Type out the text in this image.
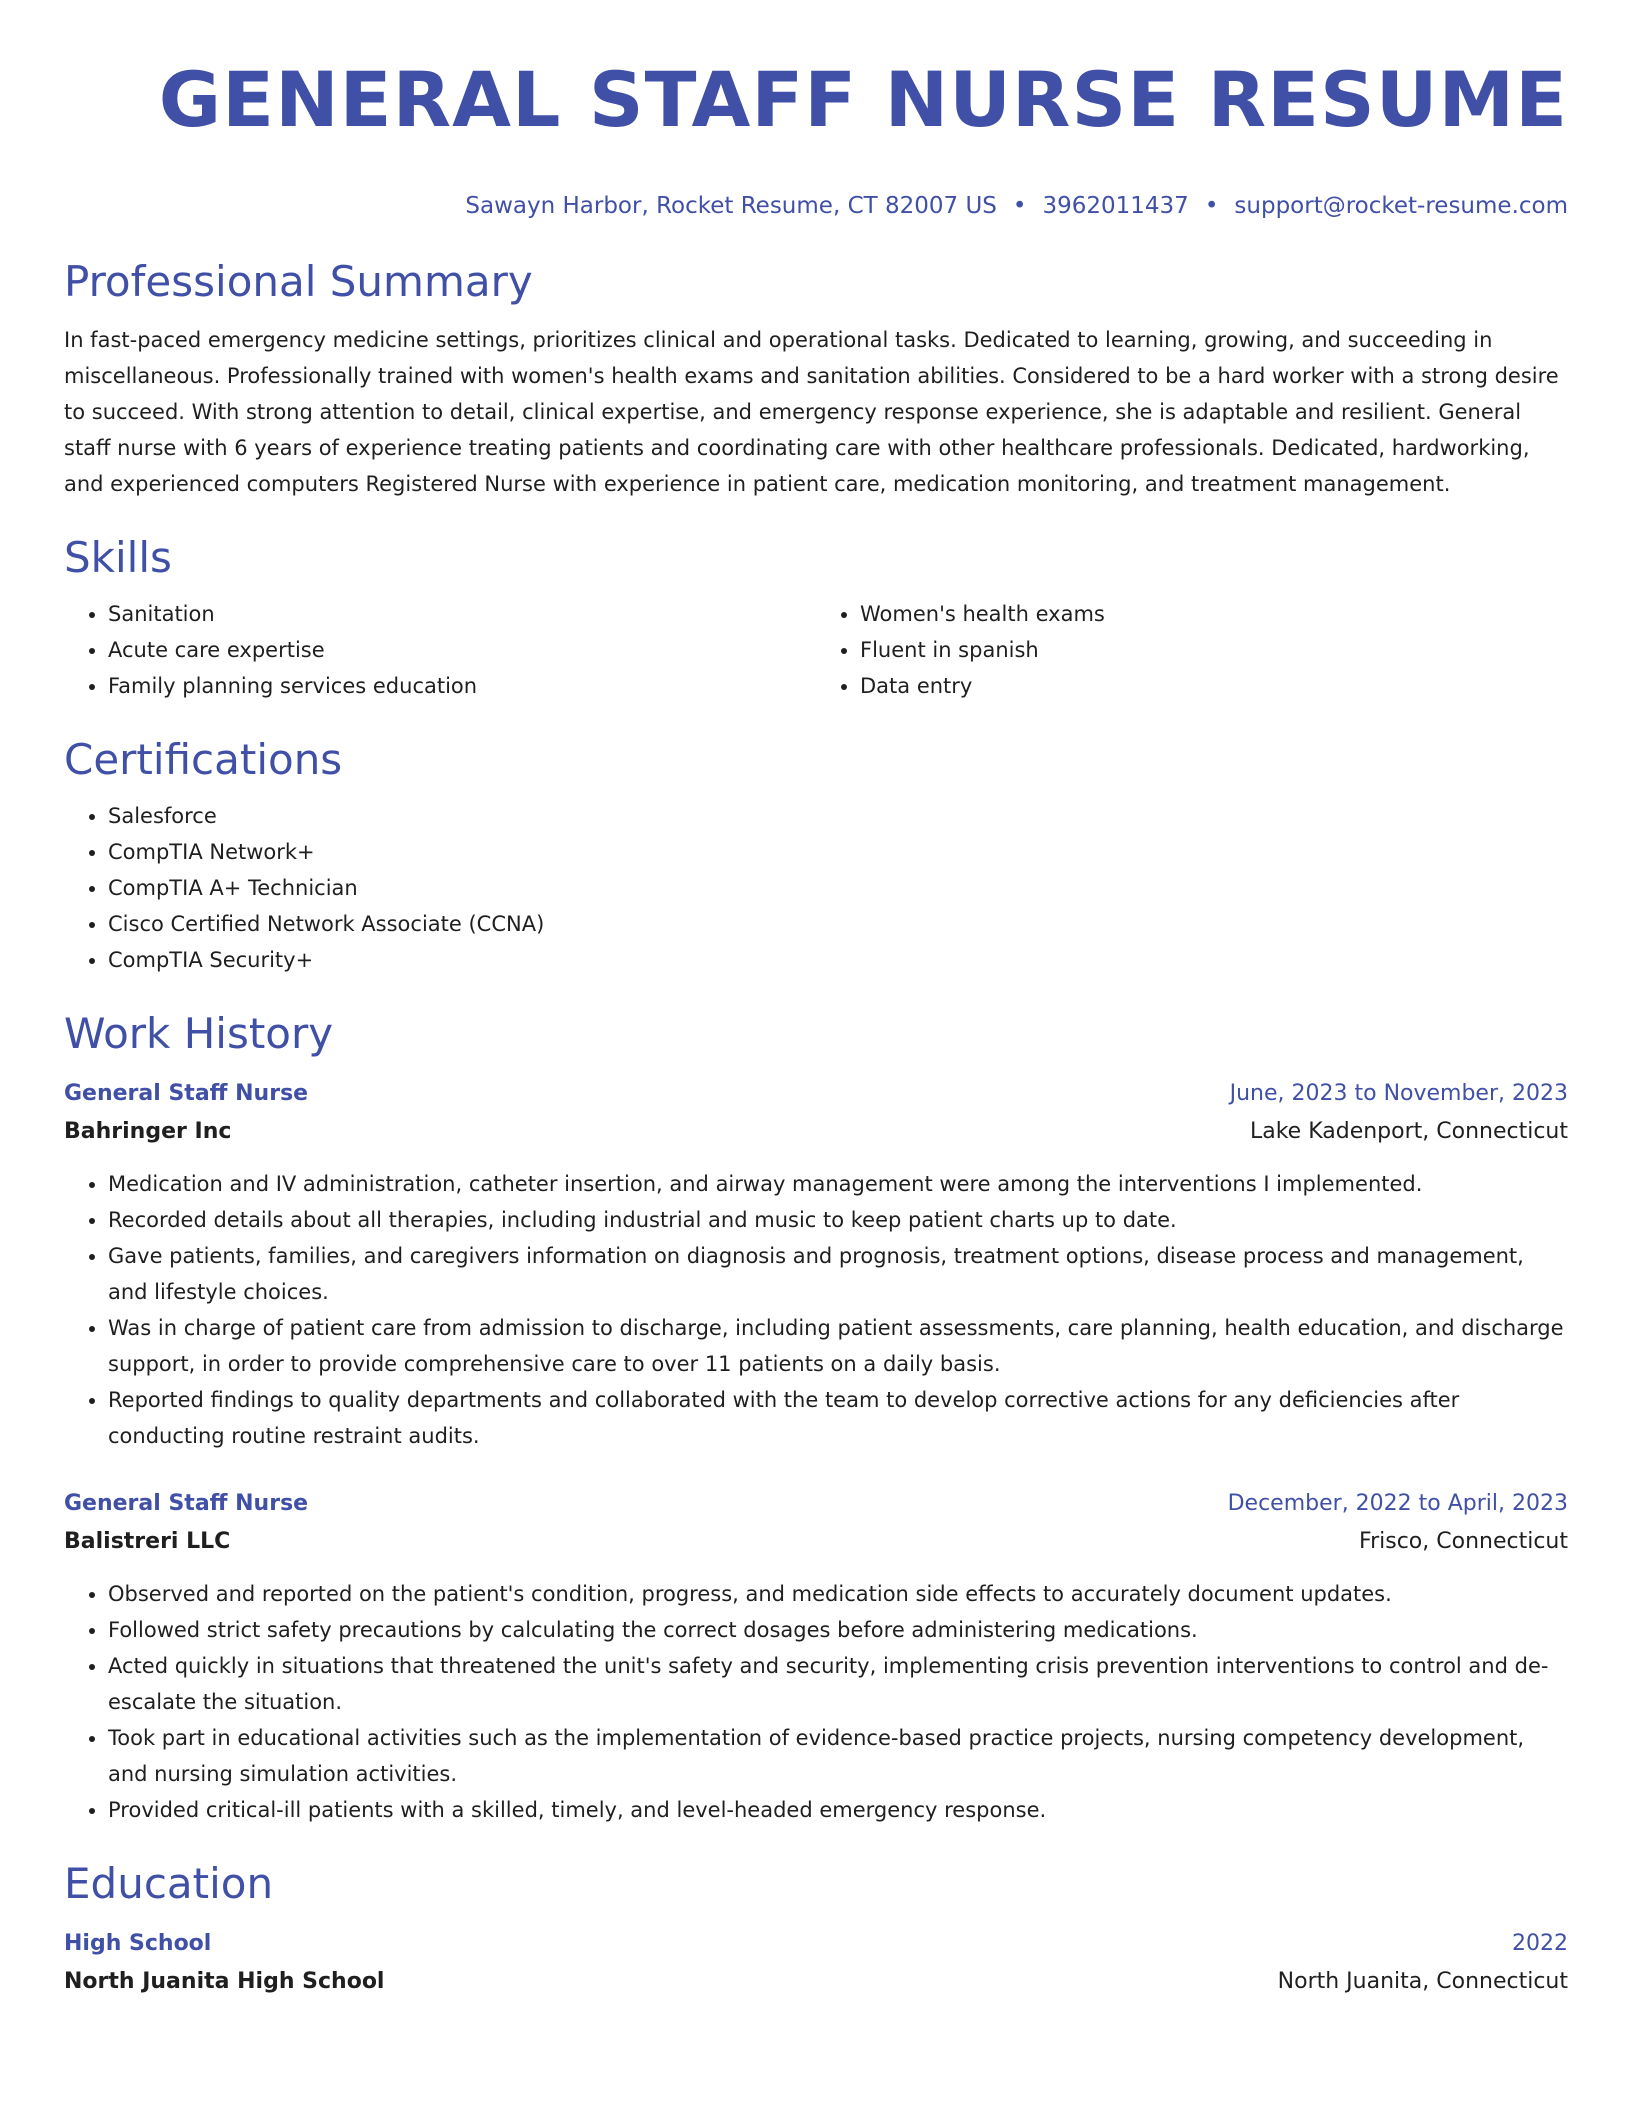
GENERAL STAFF NURSE RESUME
Sawayn Harbor, Rocket Resume, CT 82007 US • 3962011437 • support@rocket-resume.com
Professional Summary

In fast-paced emergency medicine settings, prioritizes clinical and operational tasks. Dedicated to learning, growing, and succeeding in miscellaneous. Professionally trained with women's health exams and sanitation abilities. Considered to be a hard worker with a strong desire to succeed. With strong attention to detail, clinical expertise, and emergency response experience, she is adaptable and resilient. General staff nurse with 6 years of experience treating patients and coordinating care with other healthcare professionals. Dedicated, hardworking, and experienced computers Registered Nurse with experience in patient care, medication monitoring, and treatment management.

Skills
• Sanitation
• Acute care expertise
• Family planning services education
• Women's health exams
• Fluent in spanish
• Data entry
Certifications
• Salesforce
• CompTIA Network+
• CompTIA A+ Technician
• Cisco Certified Network Associate (CCNA)
• CompTIA Security+
Work History
General Staff Nurse	June, 2023 to November, 2023
Bahringer Inc	Lake Kadenport, Connecticut
• Medication and IV administration, catheter insertion, and airway management were among the interventions I implemented.
• Recorded details about all therapies, including industrial and music to keep patient charts up to date.
• Gave patients, families, and caregivers information on diagnosis and prognosis, treatment options, disease process and management, and lifestyle choices.
• Was in charge of patient care from admission to discharge, including patient assessments, care planning, health education, and discharge support, in order to provide comprehensive care to over 11 patients on a daily basis.
• Reported findings to quality departments and collaborated with the team to develop corrective actions for any deficiencies after conducting routine restraint audits.
General Staff Nurse	December, 2022 to April, 2023
Balistreri LLC	Frisco, Connecticut
• Observed and reported on the patient's condition, progress, and medication side effects to accurately document updates.
• Followed strict safety precautions by calculating the correct dosages before administering medications.
• Acted quickly in situations that threatened the unit's safety and security, implementing crisis prevention interventions to control and de-escalate the situation.
• Took part in educational activities such as the implementation of evidence-based practice projects, nursing competency development, and nursing simulation activities.
• Provided critical-ill patients with a skilled, timely, and level-headed emergency response.
Education
High School	2022
North Juanita High School	North Juanita, Connecticut
